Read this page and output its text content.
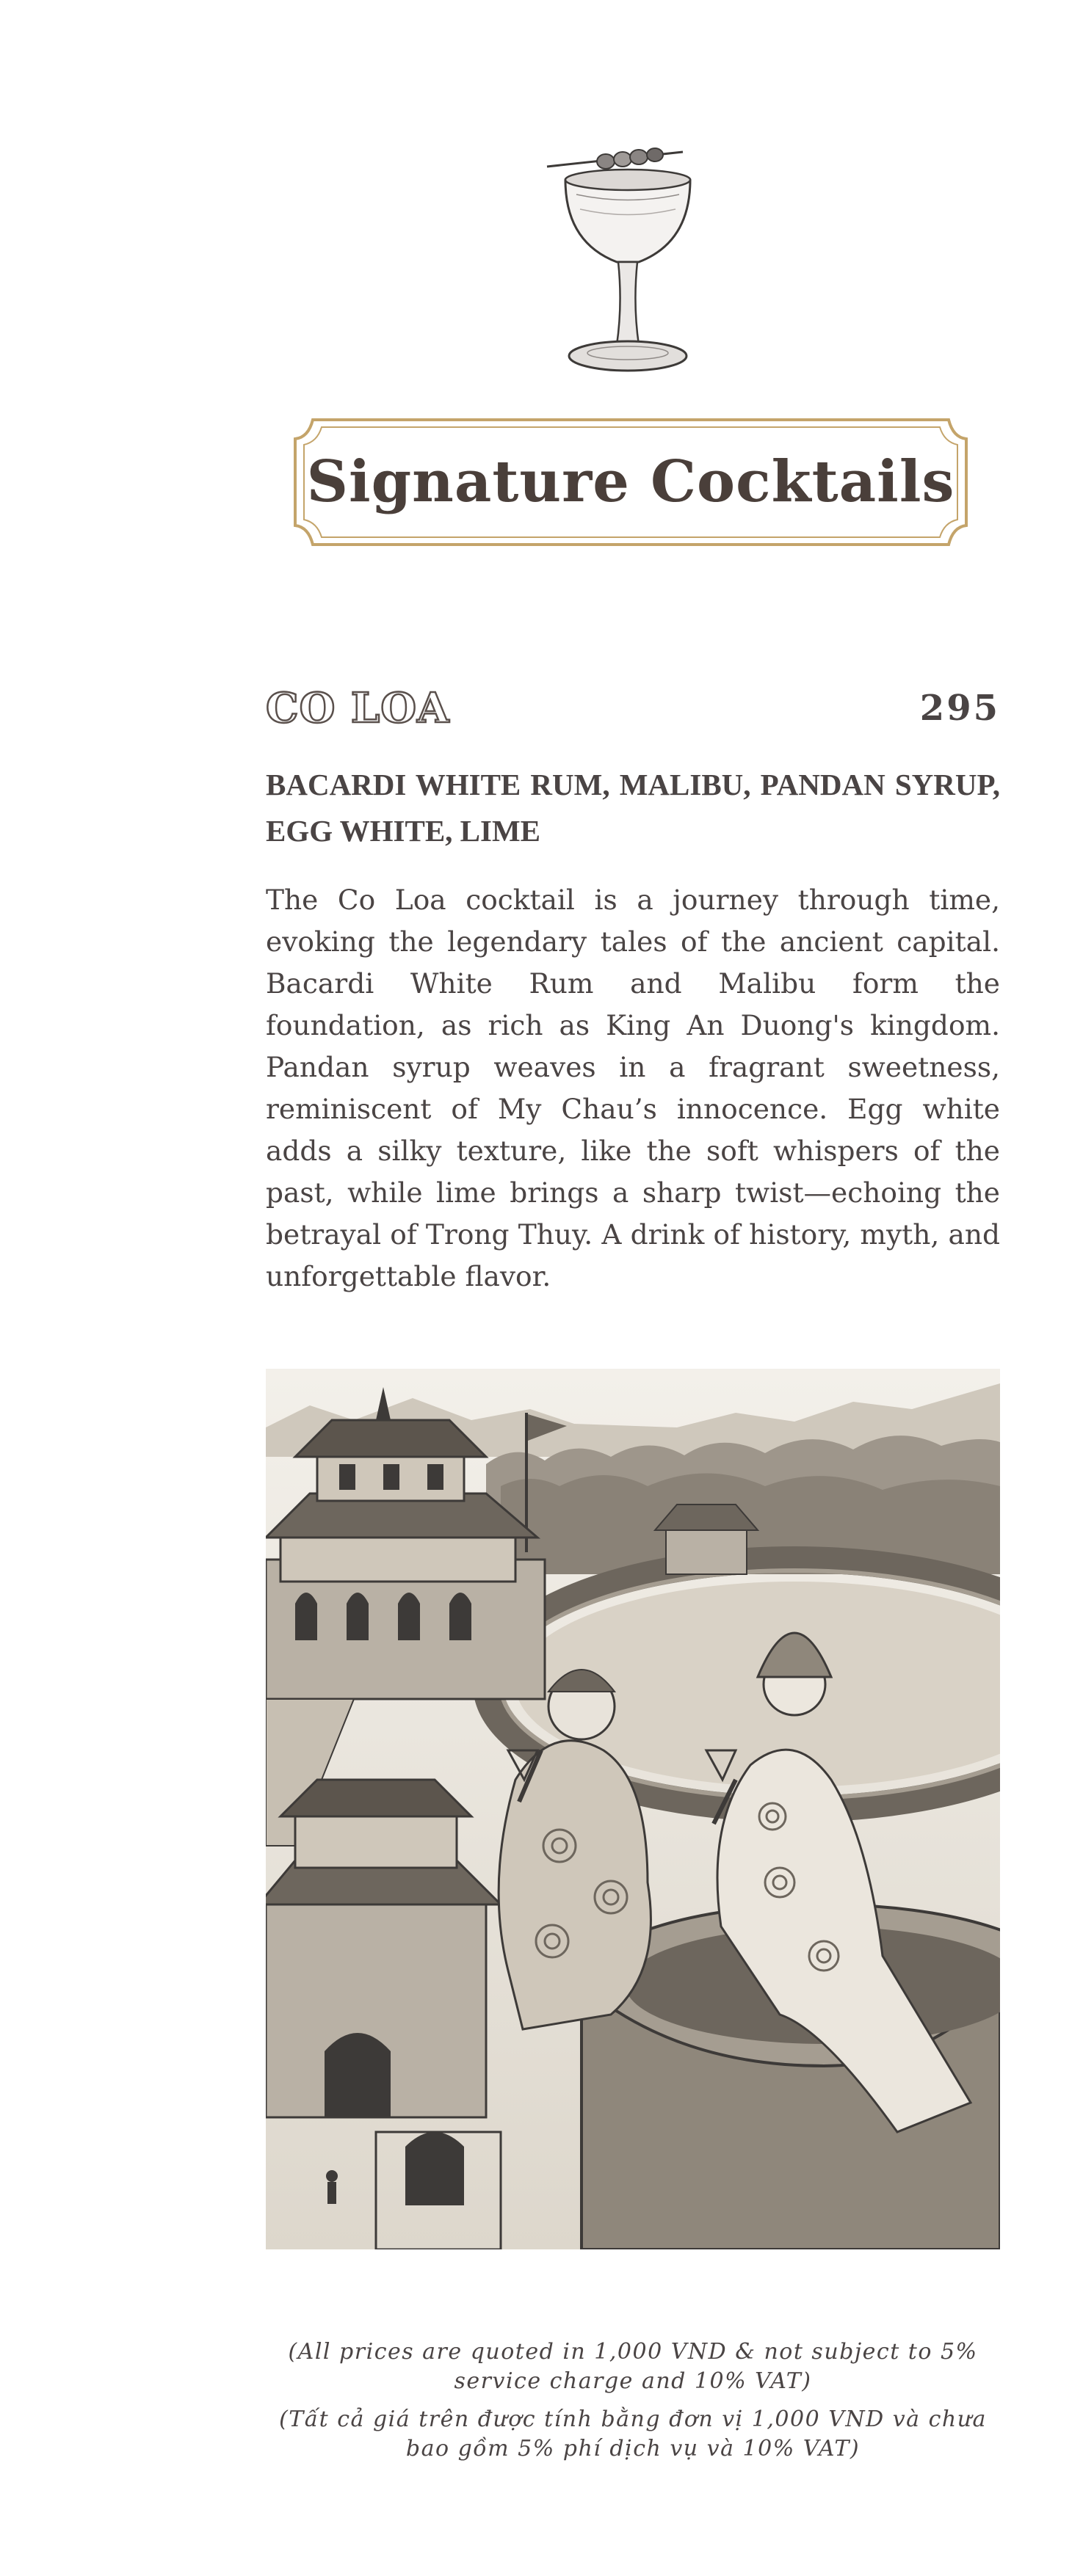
Signature Cocktails
CO LOA	295
BACARDI WHITE RUM, MALIBU, PANDAN SYRUP, EGG WHITE, LIME
The Co Loa cocktail is a journey through time, evoking the legendary tales of the ancient capital. Bacardi White Rum and Malibu form the foundation, as rich as King An Duong's kingdom. Pandan syrup weaves in a fragrant sweetness, reminiscent of My Chau’s innocence. Egg white adds a silky texture, like the soft whispers of the past, while lime brings a sharp twist—echoing the betrayal of Trong Thuy. A drink of history, myth, and unforgettable flavor.

(All prices are quoted in 1,000 VND & not subject to 5% service charge and 10% VAT)

(Tất cả giá trên được tính bằng đơn vị 1,000 VND và chưa bao gồm 5% phí dịch vụ và 10% VAT)
